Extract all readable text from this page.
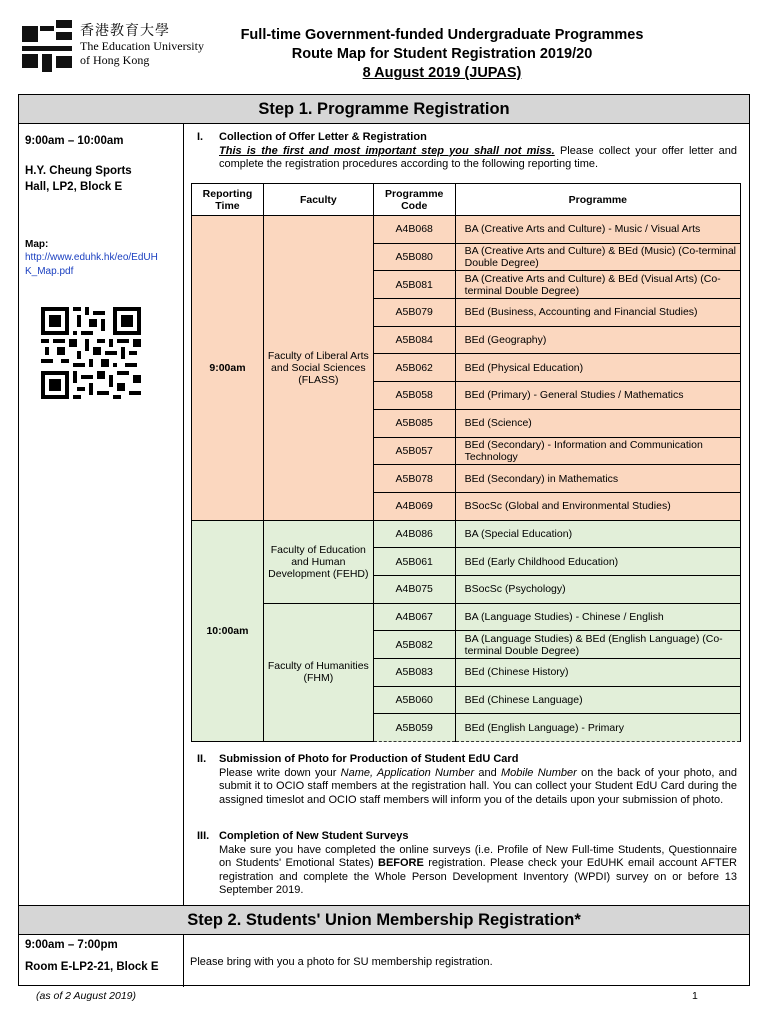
香港教育大學
The Education University
of Hong Kong
Full-time Government-funded Undergraduate Programmes
Route Map for Student Registration 2019/20
8 August 2019 (JUPAS)
Step 1. Programme Registration
9:00am – 10:00am
H.Y. Cheung Sports
Hall, LP2, Block E
Map:
http://www.eduhk.hk/eo/EdUH
K_Map.pdf
I. Collection of Offer Letter & Registration
This is the first and most important step you shall not miss. Please collect your offer letter and complete the registration procedures according to the following reporting time.
Reporting Time	Faculty	Programme Code	Programme
9:00am	Faculty of Liberal Arts and Social Sciences (FLASS)	A4B068	BA (Creative Arts and Culture) - Music / Visual Arts
		A5B080	BA (Creative Arts and Culture) & BEd (Music) (Co-terminal Double Degree)
		A5B081	BA (Creative Arts and Culture) & BEd (Visual Arts) (Co-terminal Double Degree)
		A5B079	BEd (Business, Accounting and Financial Studies)
		A5B084	BEd (Geography)
		A5B062	BEd (Physical Education)
		A5B058	BEd (Primary) - General Studies / Mathematics
		A5B085	BEd (Science)
		A5B057	BEd (Secondary) - Information and Communication Technology
		A5B078	BEd (Secondary) in Mathematics
		A4B069	BSocSc (Global and Environmental Studies)
10:00am	Faculty of Education and Human Development (FEHD)	A4B086	BA (Special Education)
		A5B061	BEd (Early Childhood Education)
		A4B075	BSocSc (Psychology)
	Faculty of Humanities (FHM)	A4B067	BA (Language Studies) - Chinese / English
		A5B082	BA (Language Studies) & BEd (English Language) (Co-terminal Double Degree)
		A5B083	BEd (Chinese History)
		A5B060	BEd (Chinese Language)
		A5B059	BEd (English Language) - Primary
II. Submission of Photo for Production of Student EdU Card
Please write down your Name, Application Number and Mobile Number on the back of your photo, and submit it to OCIO staff members at the registration hall. You can collect your Student EdU Card during the assigned timeslot and OCIO staff members will inform you of the details upon your submission of photo.
III. Completion of New Student Surveys
Make sure you have completed the online surveys (i.e. Profile of New Full-time Students, Questionnaire on Students' Emotional States) BEFORE registration. Please check your EdUHK email account AFTER registration and complete the Whole Person Development Inventory (WPDI) survey on or before 13 September 2019.
Step 2. Students' Union Membership Registration*
9:00am – 7:00pm
Room E-LP2-21, Block E	Please bring with you a photo for SU membership registration.
(as of 2 August 2019)	1
